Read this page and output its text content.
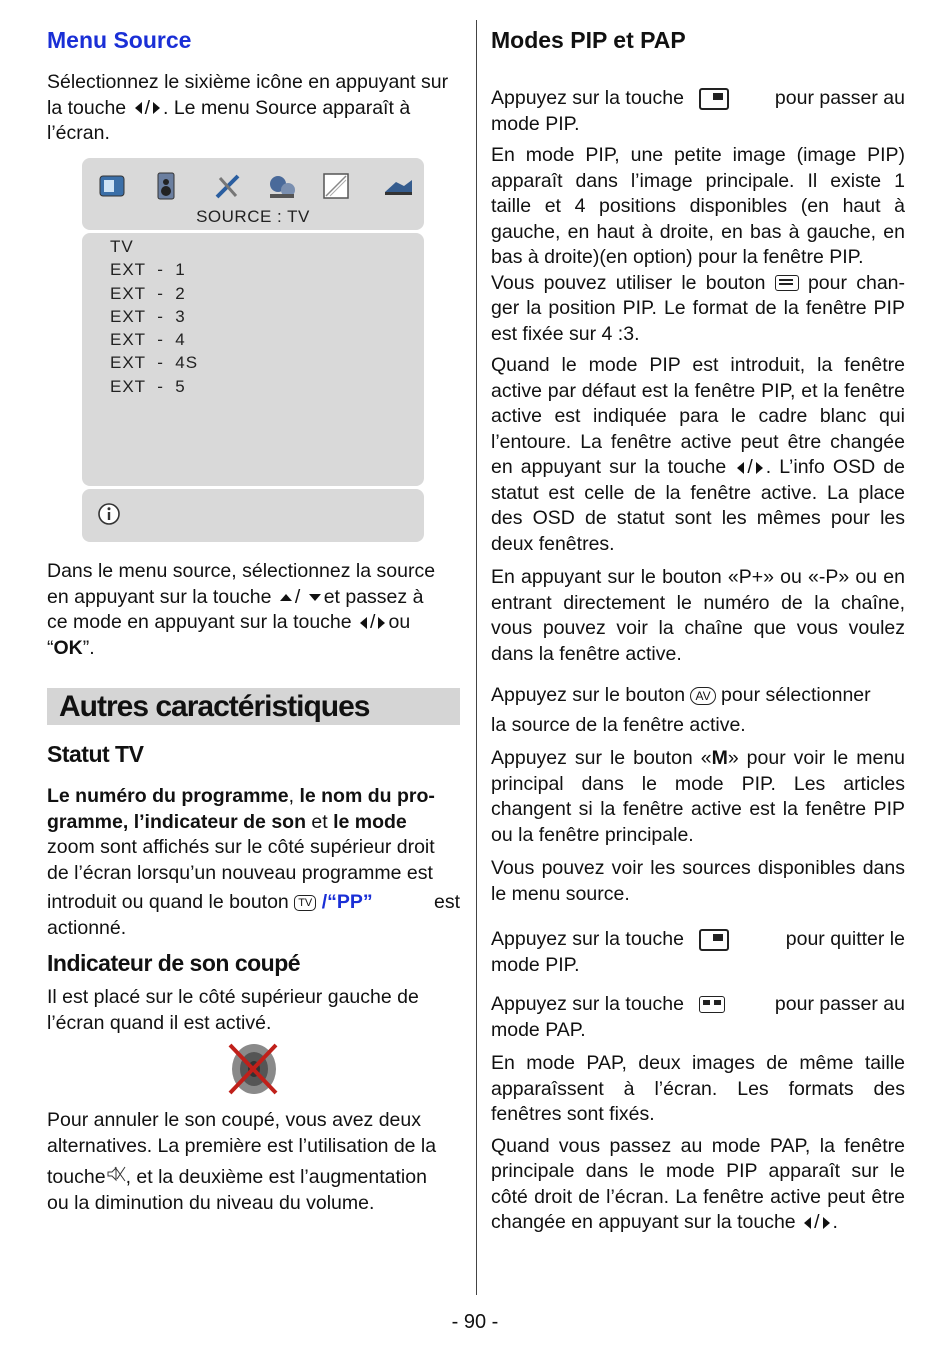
Menu Source

Sélectionnez le sixième icône en appuyant sur

la touche / . Le menu Source apparaît à

l’écran.

SOURCE : TV
TV
EXT  -  1
EXT  -  2
EXT  -  3
EXT  -  4
EXT  -  4S
EXT  -  5

Dans le menu source, sélectionnez la source

en appuyant sur la touche / et passez à

ce mode en appuyant sur la touche / ou

“OK”.

Autres caractéristiques
Statut TV

Le numéro du programme, le nom du pro-

gramme, l’indicateur de son et le mode

zoom sont affichés sur le côté supérieur droit

de l’écran lorsqu’un nouveau programme est

introduit ou quand le bouton TV /“PP”	est

actionné.

Indicateur de son coupé

Il est placé sur le côté supérieur gauche de

l’écran quand il est activé.

Pour annuler le son coupé, vous avez deux

alternatives. La première est l’utilisation de la

touche , et la deuxième est l’augmentation

ou la diminution du niveau du volume.

Modes PIP et PAP

Appuyez sur la touche	pour passer au

mode PIP.

En mode PIP, une petite image (image PIP) apparaît dans l’image principale. Il existe 1 taille et 4 positions disponibles (en haut à gauche, en haut à droite, en bas à gauche, en bas à droite)(en option) pour la fenêtre PIP.

Vous pouvez utiliser le bouton pour chan- ger la position PIP. Le format de la fenêtre PIP est fixée sur 4 :3.

Quand le mode PIP est introduit, la fenêtre active par défaut est la fenêtre PIP, et la fenêtre active est indiquée para le cadre blanc qui l’entoure. La fenêtre active peut être changée en appuyant sur la touche / . L’info OSD de statut est celle de la fenêtre active. La place des OSD de statut sont les mêmes pour les deux fenêtres.

En appuyant sur le bouton «P+» ou «-P» ou en entrant directement le numéro de la chaîne, vous pouvez voir la chaîne que vous voulez dans la fenêtre active.

Appuyez sur le bouton AV pour sélectionner

la source de la fenêtre active.

Appuyez sur le bouton «M» pour voir le menu principal dans le mode PIP. Les articles changent si la fenêtre active est la fenêtre PIP ou la fenêtre principale.

Vous pouvez voir les sources disponibles dans le menu source.

Appuyez sur la touche	pour quitter le

mode PIP.

Appuyez sur la touche	pour passer au

mode PAP.

En mode PAP, deux images de même taille apparaîssent à l’écran. Les formats des fenêtres sont fixés.

Quand vous passez au mode PAP, la fenêtre principale dans le mode PIP apparaît sur le côté droit de l’écran. La fenêtre active peut être changée en appuyant sur la touche / .

- 90 -
